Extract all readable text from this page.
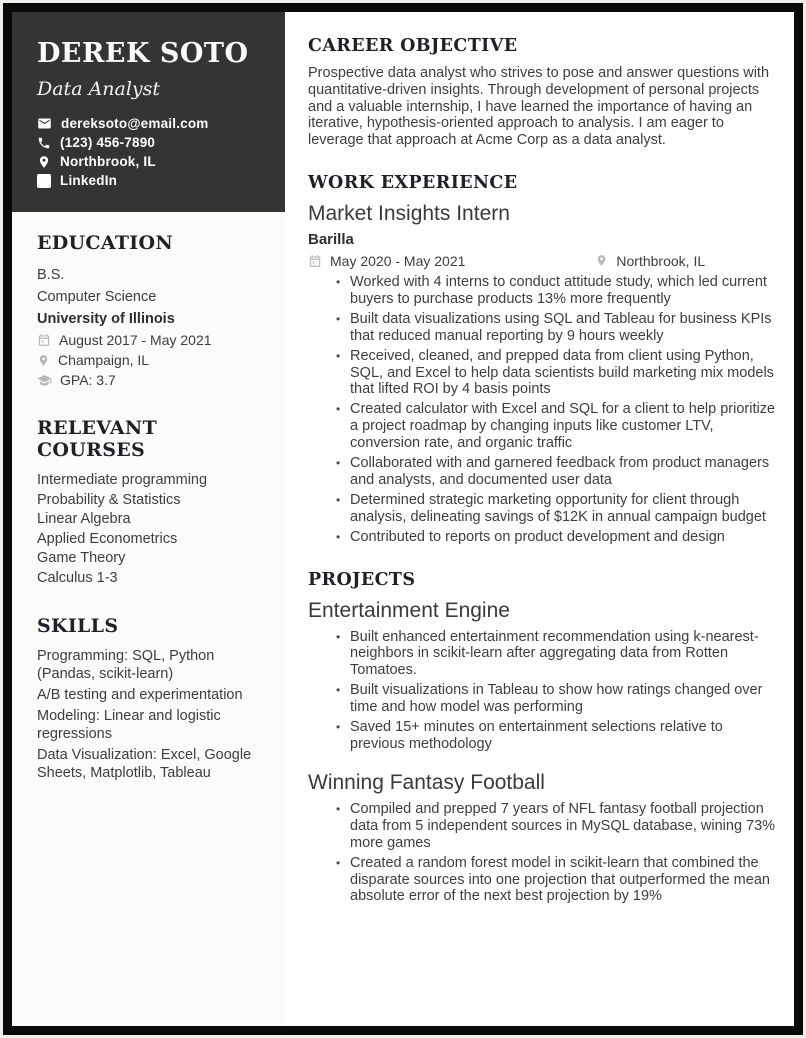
DEREK SOTO
Data Analyst
dereksoto@email.com
(123) 456-7890
Northbrook, IL
in LinkedIn
EDUCATION
B.S.
Computer Science
University of Illinois
August 2017 - May 2021
Champaign, IL
GPA: 3.7
RELEVANT COURSES
Intermediate programming
Probability & Statistics
Linear Algebra
Applied Econometrics
Game Theory
Calculus 1-3
SKILLS
Programming: SQL, Python (Pandas, scikit-learn)
A/B testing and experimentation
Modeling: Linear and logistic regressions
Data Visualization: Excel, Google Sheets, Matplotlib, Tableau
CAREER OBJECTIVE

Prospective data analyst who strives to pose and answer questions with quantitative-driven insights. Through development of personal projects and a valuable internship, I have learned the importance of having an iterative, hypothesis-oriented approach to analysis. I am eager to leverage that approach at Acme Corp as a data analyst.

WORK EXPERIENCE
Market Insights Intern
Barilla
May 2020 - May 2021	Northbrook, IL
• Worked with 4 interns to conduct attitude study, which led current buyers to purchase products 13% more frequently
• Built data visualizations using SQL and Tableau for business KPIs that reduced manual reporting by 9 hours weekly
• Received, cleaned, and prepped data from client using Python, SQL, and Excel to help data scientists build marketing mix models that lifted ROI by 4 basis points
• Created calculator with Excel and SQL for a client to help prioritize a project roadmap by changing inputs like customer LTV, conversion rate, and organic traffic
• Collaborated with and garnered feedback from product managers and analysts, and documented user data
• Determined strategic marketing opportunity for client through analysis, delineating savings of $12K in annual campaign budget
• Contributed to reports on product development and design
PROJECTS
Entertainment Engine
• Built enhanced entertainment recommendation using k-nearest-neighbors in scikit-learn after aggregating data from Rotten Tomatoes.
• Built visualizations in Tableau to show how ratings changed over time and how model was performing
• Saved 15+ minutes on entertainment selections relative to previous methodology
Winning Fantasy Football
• Compiled and prepped 7 years of NFL fantasy football projection data from 5 independent sources in MySQL database, wining 73% more games
• Created a random forest model in scikit-learn that combined the disparate sources into one projection that outperformed the mean absolute error of the next best projection by 19%
